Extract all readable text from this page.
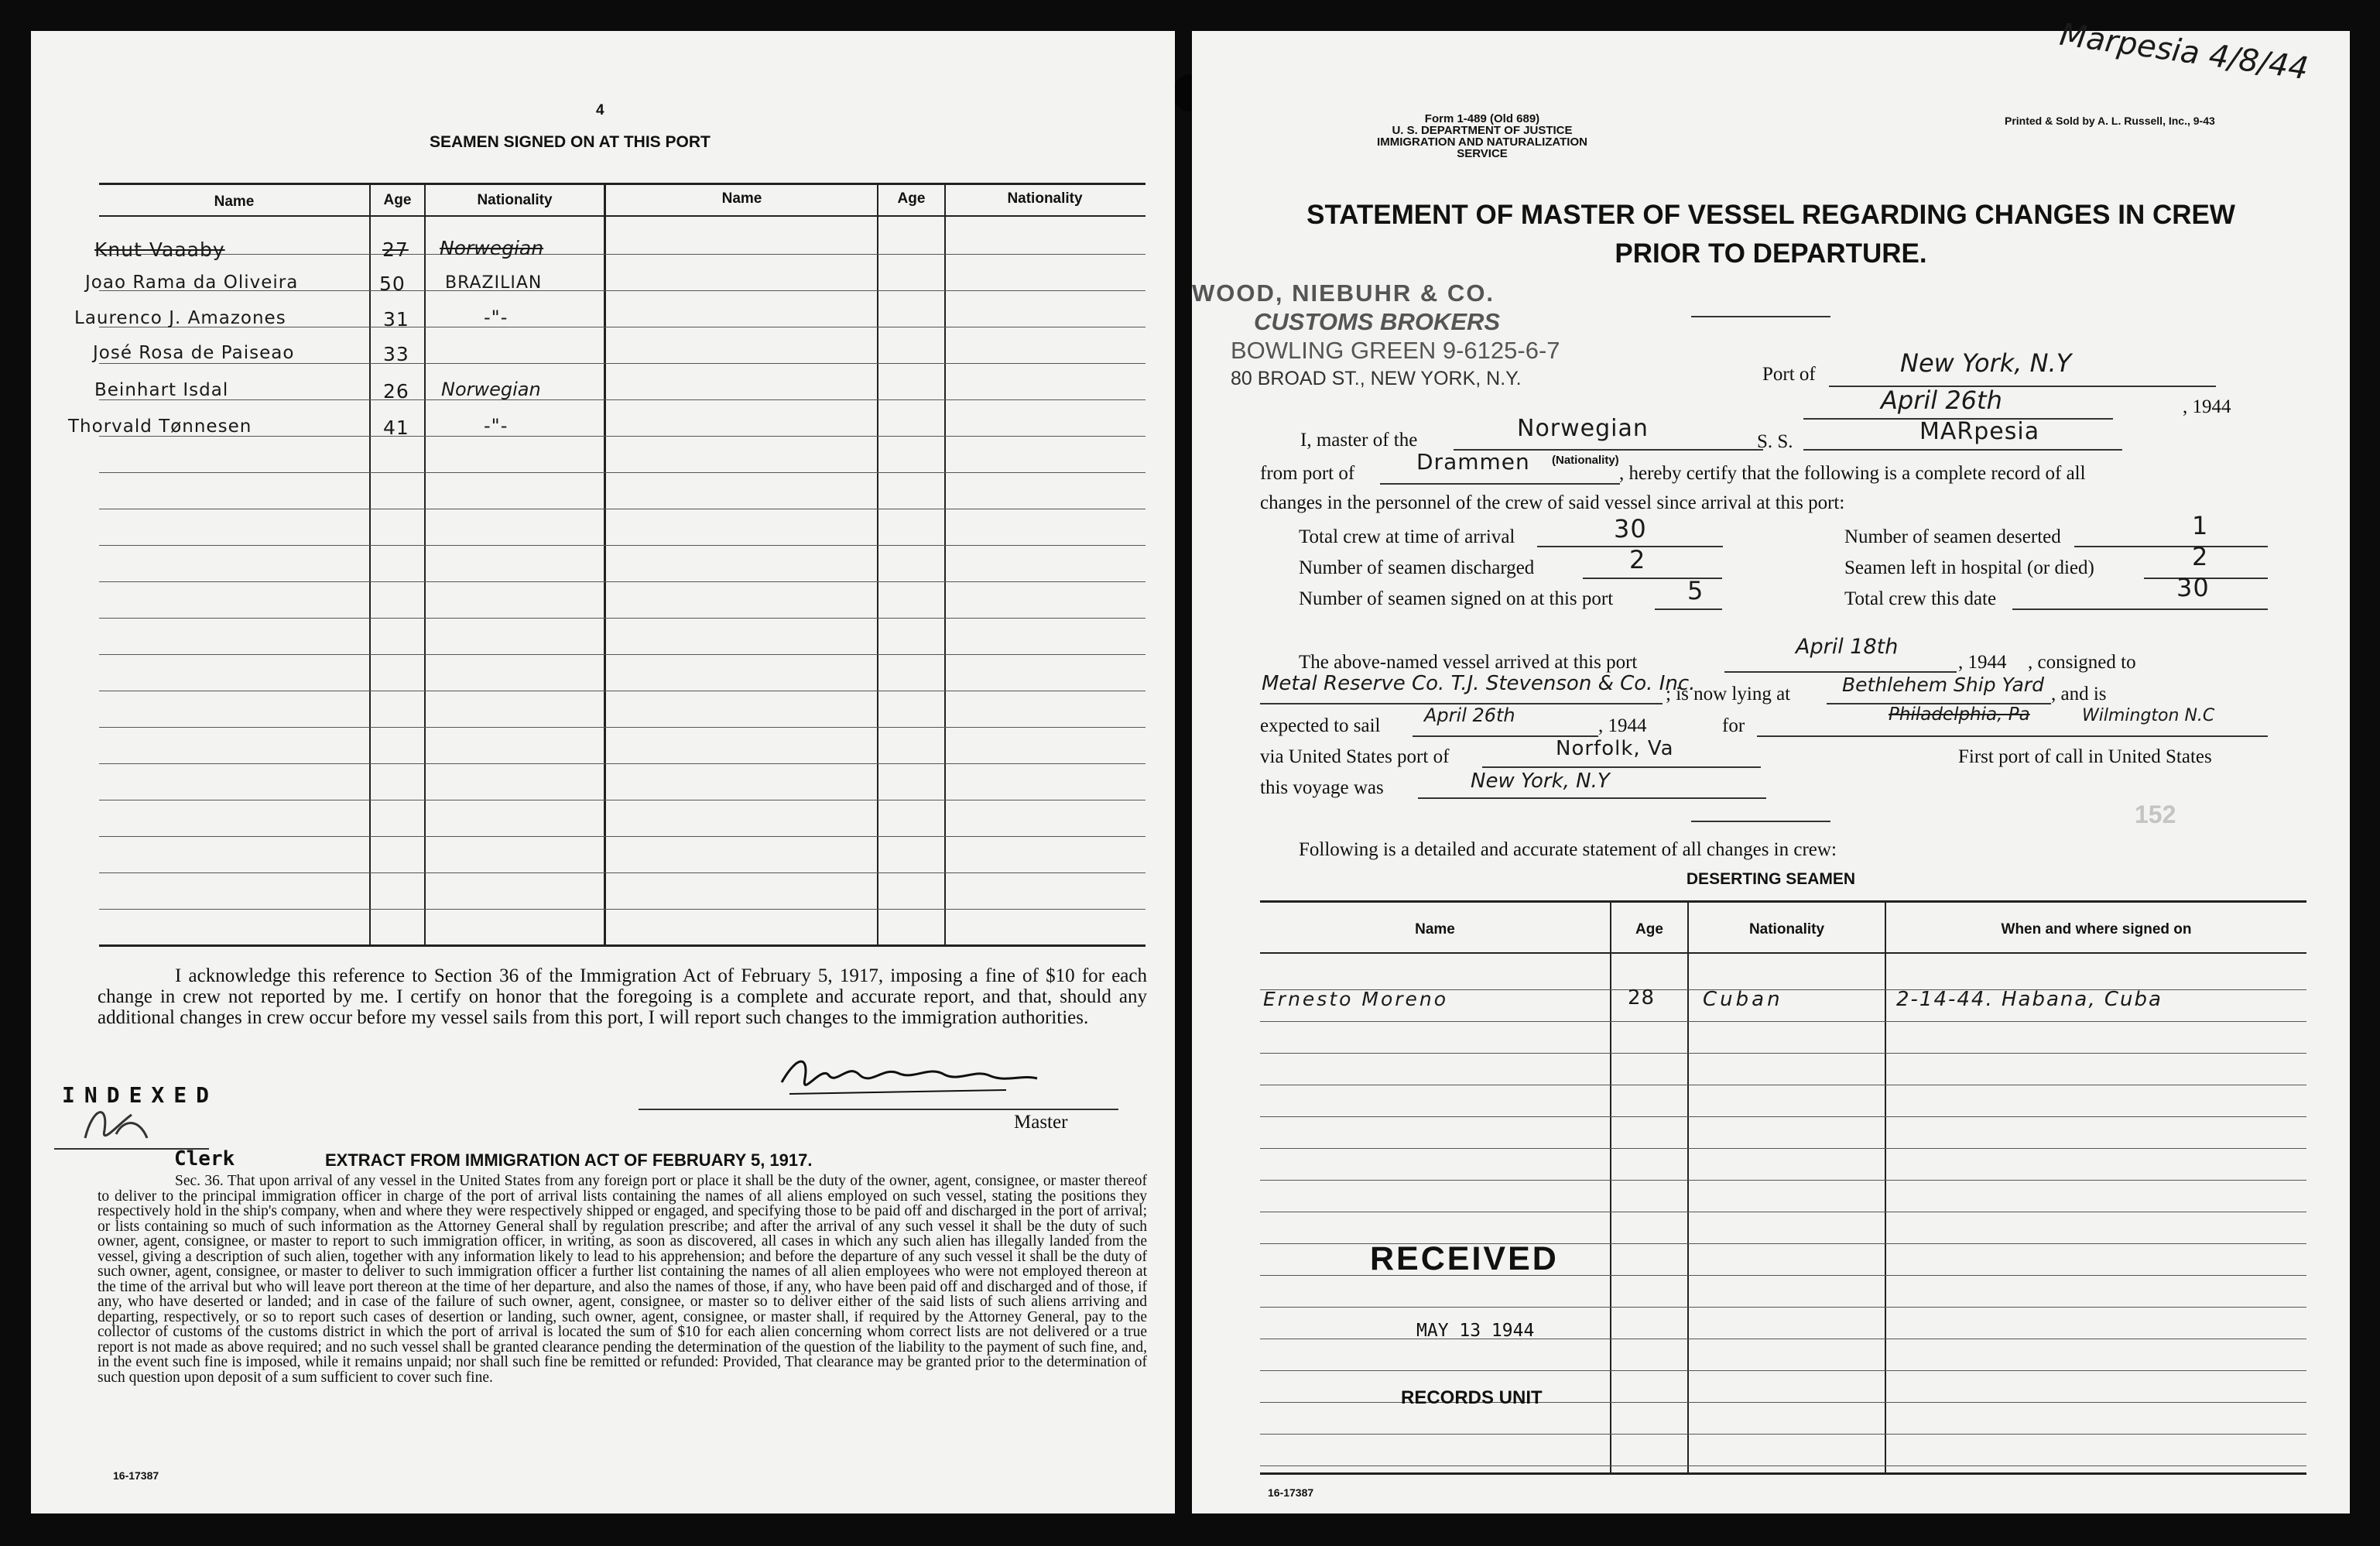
4
SEAMEN SIGNED ON AT THIS PORT
Name	Age	Nationality	Name	Age	Nationality
Knut Vaaaby	27 Norwegian
Joao Rama da Oliveira	50 BRAZILIAN
Laurenco J. Amazones	31	-"-
José Rosa de Paiseao	33
Beinhart Isdal	26 Norwegian
Thorvald Tønnesen	41	-"-
I acknowledge this reference to Section 36 of the Immigration Act of February 5, 1917, imposing a fine of $10 for each change in crew not reported by me. I certify on honor that the foregoing is a complete and accurate report, and that, should any additional changes in crew occur before my vessel sails from this port, I will report such changes to the immigration authorities.
Master
INDEXED
Clerk	EXTRACT FROM IMMIGRATION ACT OF FEBRUARY 5, 1917.
Sec. 36. That upon arrival of any vessel in the United States from any foreign port or place it shall be the duty of the owner, agent, consignee, or master thereof to deliver to the principal immigration officer in charge of the port of arrival lists containing the names of all aliens employed on such vessel, stating the positions they respectively hold in the ship's company, when and where they were respectively shipped or engaged, and specifying those to be paid off and discharged in the port of arrival; or lists containing so much of such information as the Attorney General shall by regulation prescribe; and after the arrival of any such vessel it shall be the duty of such owner, agent, consignee, or master to report to such immigration officer, in writing, as soon as discovered, all cases in which any such alien has illegally landed from the vessel, giving a description of such alien, together with any information likely to lead to his apprehension; and before the departure of any such vessel it shall be the duty of such owner, agent, consignee, or master to deliver to such immigration officer a further list containing the names of all alien employees who were not employed thereon at the time of the arrival but who will leave port thereon at the time of her departure, and also the names of those, if any, who have been paid off and discharged and of those, if any, who have deserted or landed; and in case of the failure of such owner, agent, consignee, or master so to deliver either of the said lists of such aliens arriving and departing, respectively, or so to report such cases of desertion or landing, such owner, agent, consignee, or master shall, if required by the Attorney General, pay to the collector of customs of the customs district in which the port of arrival is located the sum of $10 for each alien concerning whom correct lists are not delivered or a true report is not made as above required; and no such vessel shall be granted clearance pending the determination of the question of the liability to the payment of such fine, and, in the event such fine is imposed, while it remains unpaid; nor shall such fine be remitted or refunded: Provided, That clearance may be granted prior to the determination of such question upon deposit of a sum sufficient to cover such fine.
16-17387
Marpesia 4/8/44
Form 1-489 (Old 689)
U. S. DEPARTMENT OF JUSTICE
IMMIGRATION AND NATURALIZATION SERVICE
Printed & Sold by A. L. Russell, Inc., 9-43
STATEMENT OF MASTER OF VESSEL REGARDING CHANGES IN CREW
PRIOR TO DEPARTURE.
WOOD, NIEBUHR & CO.
CUSTOMS BROKERS
BOWLING GREEN 9-6125-6-7
80 BROAD ST., NEW YORK, N.Y.	Port of	New York, N.Y
April 26th	, 1944
I, master of the	Norwegian	S. S.	MARpesia
from port of	Drammen (Nationality)
, hereby certify that the following is a complete record of all
changes in the personnel of the crew of said vessel since arrival at this port:
Total crew at time of arrival	30
Number of seamen discharged	2
Number of seamen signed on at this port	5
Number of seamen deserted	1
Seamen left in hospital (or died)	2
Total crew this date	30
The above-named vessel arrived at this port
April 18th
, 1944 , consigned to
Metal Reserve Co. T.J. Stevenson & Co. Inc.
; is now lying at	Bethlehem Ship Yard , and is
expected to sail April 26th	, 1944	for
Philadelphia, Pa	Wilmington N.C
via United States port of	Norfolk, Va	First port of call in United States
this voyage was	New York, N.Y
152
Following is a detailed and accurate statement of all changes in crew:
DESERTING SEAMEN
Name	Age	Nationality	When and where signed on
Ernesto Moreno	28 Cuban	2-14-44. Habana, Cuba
RECEIVED
MAY 13 1944
RECORDS UNIT
16-17387
